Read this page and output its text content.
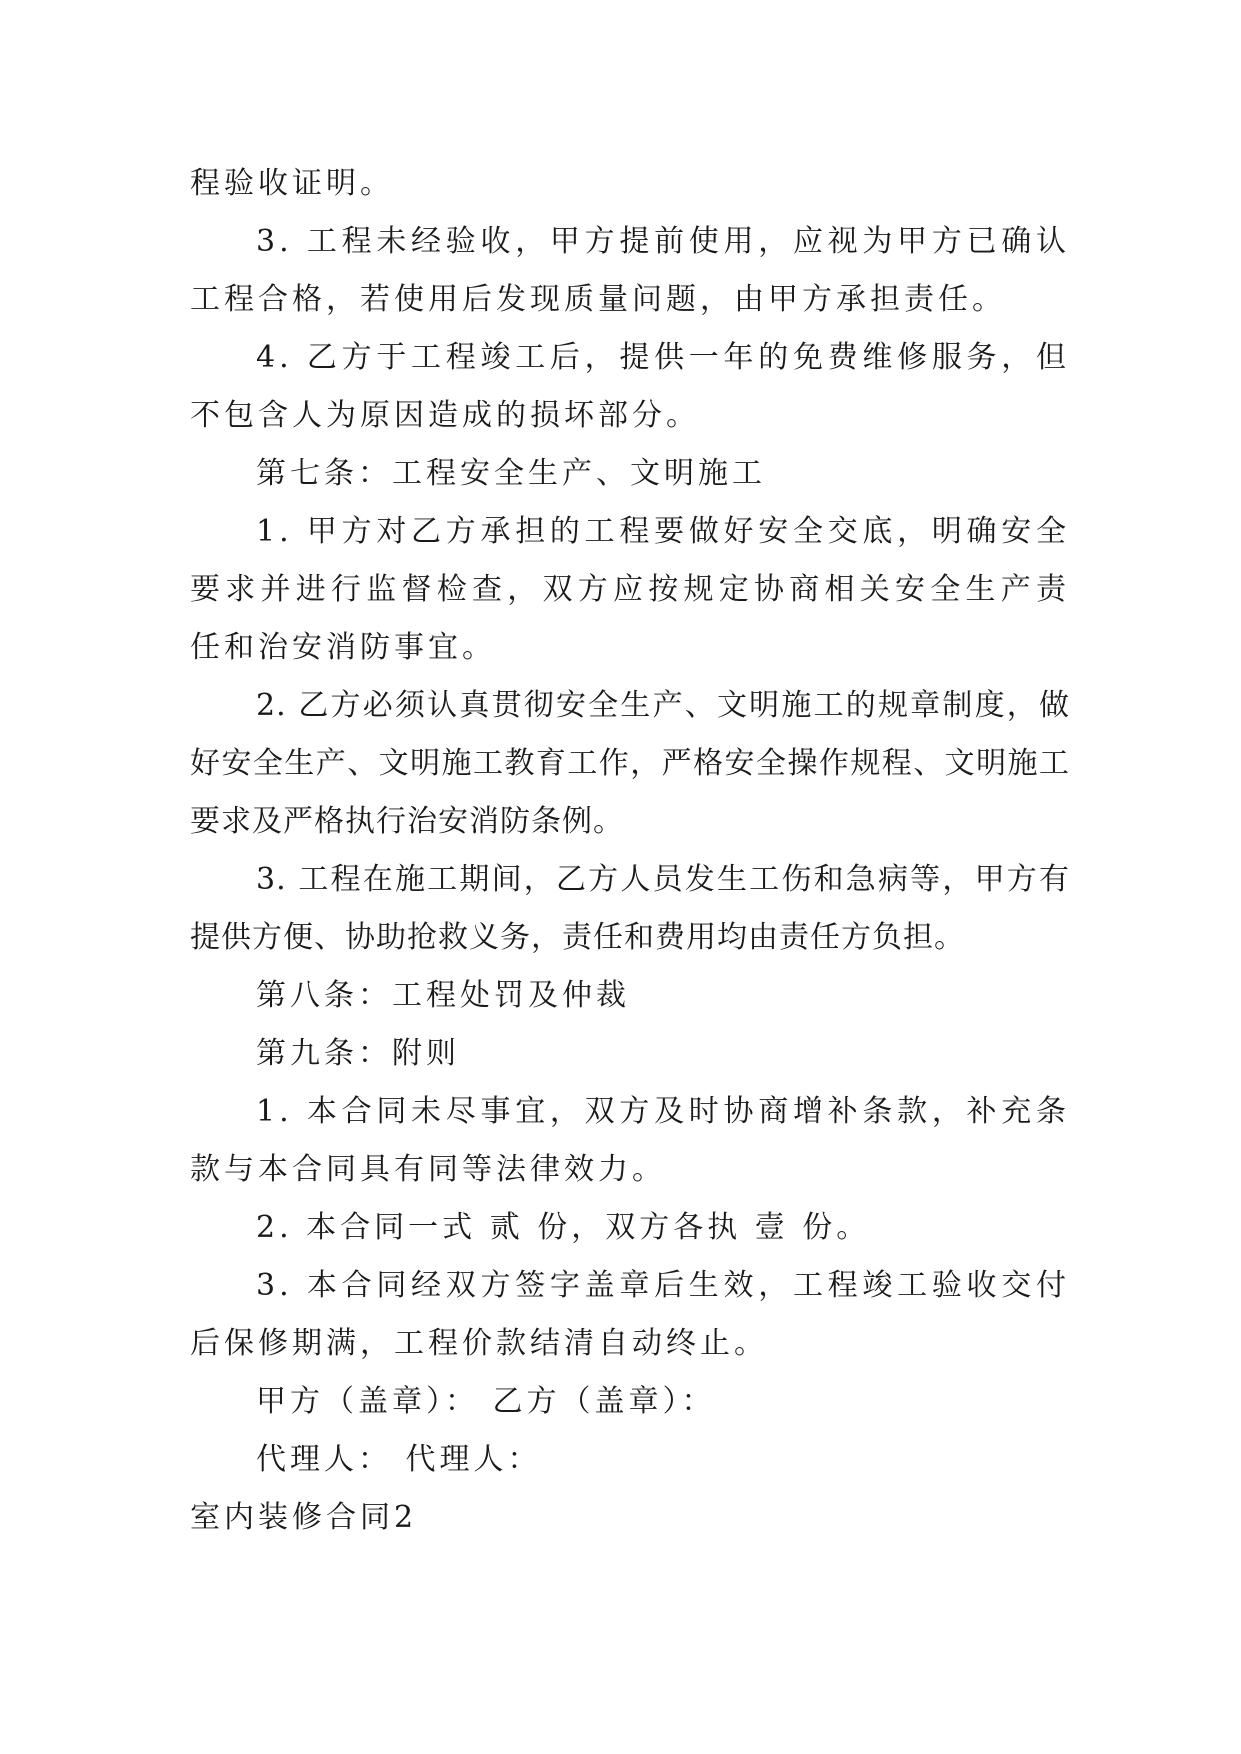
程验收证明。

3. 工程未经验收，甲方提前使用，应视为甲方已确认工程合格，若使用后发现质量问题，由甲方承担责任。

4. 乙方于工程竣工后，提供一年的免费维修服务，但不包含人为原因造成的损坏部分。

第七条：工程安全生产、文明施工

1. 甲方对乙方承担的工程要做好安全交底，明确安全要求并进行监督检查，双方应按规定协商相关安全生产责任和治安消防事宜。

2. 乙方必须认真贯彻安全生产、文明施工的规章制度，做好安全生产、文明施工教育工作，严格安全操作规程、文明施工要求及严格执行治安消防条例。

3. 工程在施工期间，乙方人员发生工伤和急病等，甲方有提供方便、协助抢救义务，责任和费用均由责任方负担。

第八条：工程处罚及仲裁

第九条：附则

1. 本合同未尽事宜，双方及时协商增补条款，补充条款与本合同具有同等法律效力。

2. 本合同一式 贰 份，双方各执 壹 份。

3. 本合同经双方签字盖章后生效，工程竣工验收交付后保修期满，工程价款结清自动终止。

甲方（盖章）： 乙方（盖章）：

代理人： 代理人：

室内装修合同2
